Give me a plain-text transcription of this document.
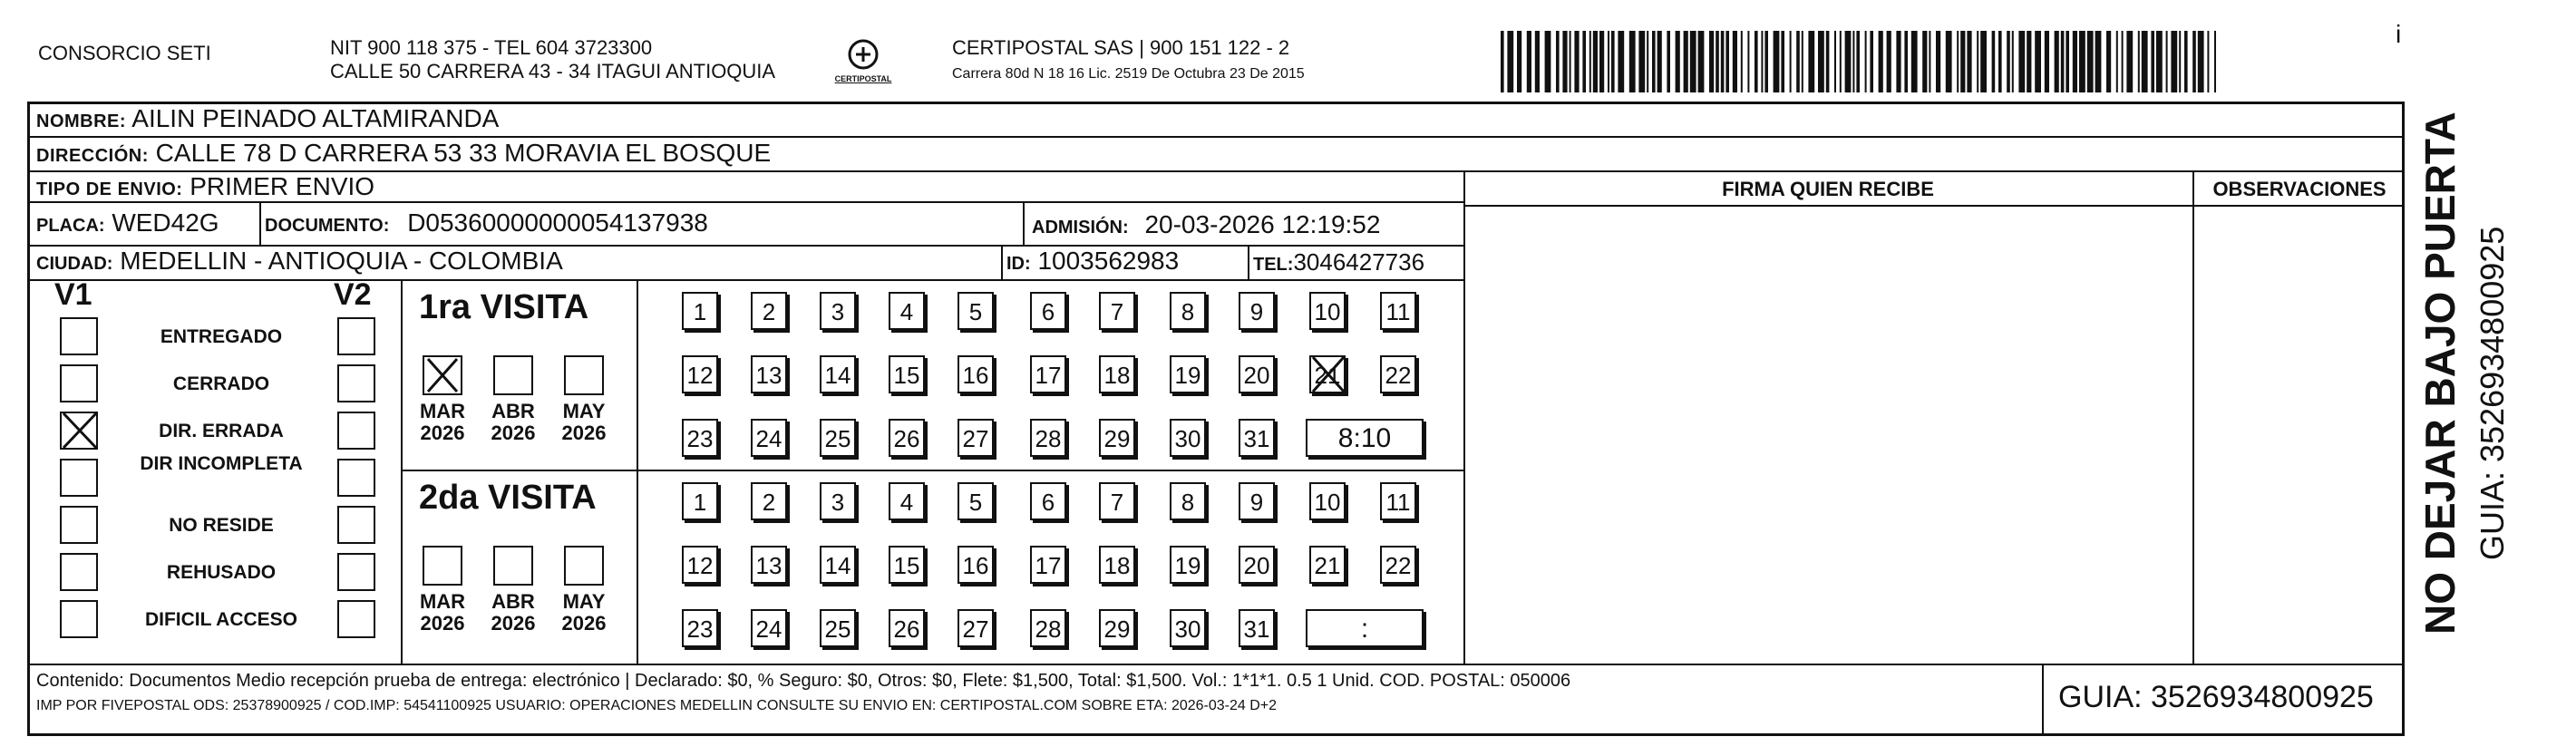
CONSORCIO SETI	NIT 900 118 375 - TEL 604 3723300
CALLE 50 CARRERA 43 - 34 ITAGUI ANTIOQUIA	CERTIPOSTAL
CERTIPOSTAL SAS | 900 151 122 - 2
Carrera 80d N 18 16 Lic. 2519 De Octubra 23 De 2015
i
NOMBRE: AILIN PEINADO ALTAMIRANDA
DIRECCIÓN: CALLE 78 D CARRERA 53 33 MORAVIA EL BOSQUE
TIPO DE ENVIO: PRIMER ENVIO
PLACA: WED42G	DOCUMENTO: D05360000000054137938	ADMISIÓN: 20-03-2026 12:19:52
CIUDAD: MEDELLIN - ANTIOQUIA - COLOMBIA	ID: 1003562983	TEL:3046427736
FIRMA QUIEN RECIBE	OBSERVACIONES
V1	V2
ENTREGADO
CERRADO
DIR. ERRADA
DIR INCOMPLETA
NO RESIDE
REHUSADO
DIFICIL ACCESO
1ra VISITA
MAR
2026
ABR
2026
MAY
2026
1	2	3	4	5	6	7	8	9	10 11
12 13 14 15 16 17 18 19 20 21 22
23 24 25 26 27 28 29 30 31	8:10
2da VISITA
MAR
2026
ABR
2026
MAY
2026
1	2	3	4	5	6	7	8	9	10 11
12 13 14 15 16 17 18 19 20 21 22
23 24 25 26 27 28 29 30 31	:
Contenido: Documentos Medio recepción prueba de entrega: electrónico | Declarado: $0, % Seguro: $0, Otros: $0, Flete: $1,500, Total: $1,500. Vol.: 1*1*1. 0.5 1 Unid. COD. POSTAL: 050006
IMP POR FIVEPOSTAL ODS: 25378900925 / COD.IMP: 54541100925 USUARIO: OPERACIONES MEDELLIN CONSULTE SU ENVIO EN: CERTIPOSTAL.COM SOBRE ETA: 2026-03-24 D+2	GUIA: 3526934800925
NO DEJAR BAJO PUERTA GUIA: 3526934800925
